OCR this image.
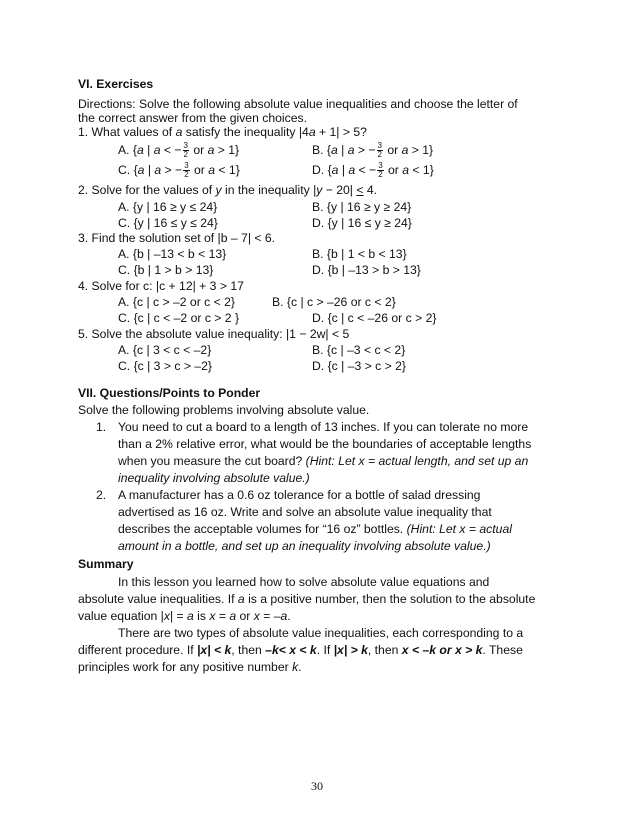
VI. Exercises
Directions: Solve the following absolute value inequalities and choose the letter of
the correct answer from the given choices.
1. What values of a satisfy the inequality |4a + 1| > 5?
A. {a | a < − $\frac{3}{2}$ or a > 1}	B. {a | a > − $\frac{3}{2}$ or a > 1}
C. {a | a > − $\frac{3}{2}$ or a < 1}	D. {a | a < − $\frac{3}{2}$ or a < 1}
2. Solve for the values of y in the inequality |y − 20| < 4.
A. {y | 16 ≥ y ≤ 24}	B. {y | 16 ≥ y ≥ 24}
C. {y | 16 ≤ y ≤ 24}	D. {y | 16 ≤ y ≥ 24}
3. Find the solution set of |b – 7| < 6.
A. {b | –13 < b < 13}	B. {b | 1 < b < 13}
C. {b | 1 > b > 13}	D. {b | –13 > b > 13}
4. Solve for c: |c + 12| + 3 > 17
A. {c | c > –2 or c < 2}	B. {c | c > –26 or c < 2}
C. {c | c < –2 or c > 2 }	D. {c | c < –26 or c > 2}
5. Solve the absolute value inequality: |1 − 2w| < 5
A. {c | 3 < c < –2}	B. {c | –3 < c < 2}
C. {c | 3 > c > –2}	D. {c | –3 > c > 2}
VII. Questions/Points to Ponder
Solve the following problems involving absolute value.
1. You need to cut a board to a length of 13 inches. If you can tolerate no more
than a 2% relative error, what would be the boundaries of acceptable lengths
when you measure the cut board? (Hint: Let x = actual length, and set up an
inequality involving absolute value.)
2. A manufacturer has a 0.6 oz tolerance for a bottle of salad dressing
advertised as 16 oz. Write and solve an absolute value inequality that
describes the acceptable volumes for “16 oz” bottles. (Hint: Let x = actual
amount in a bottle, and set up an inequality involving absolute value.)
Summary
In this lesson you learned how to solve absolute value equations and
absolute value inequalities. If a is a positive number, then the solution to the absolute
value equation |x| = a is x = a or x = –a.
There are two types of absolute value inequalities, each corresponding to a
different procedure. If |x| < k, then –k< x < k. If |x| > k, then x < –k or x > k. These
principles work for any positive number k.
30
